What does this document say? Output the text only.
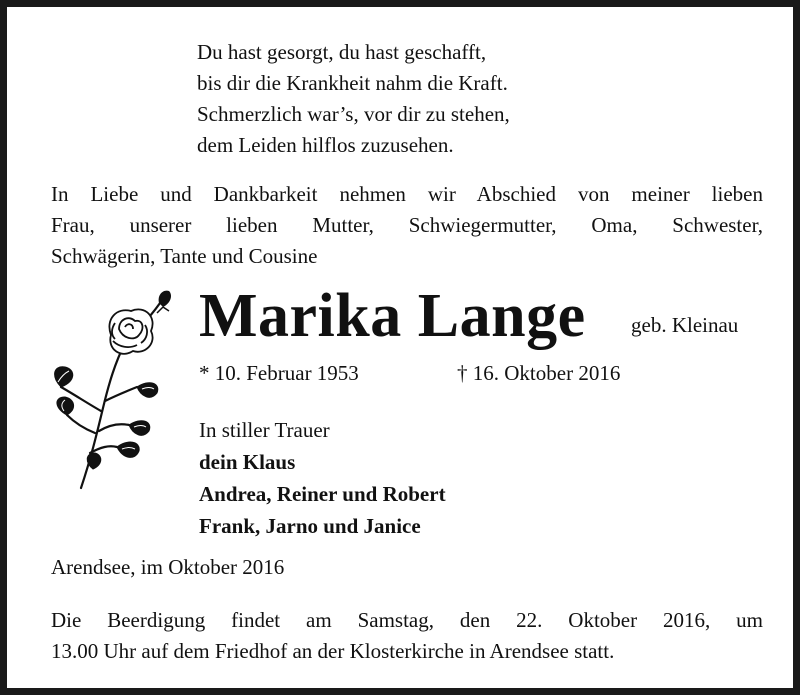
Du hast gesorgt, du hast geschafft,
bis dir die Krankheit nahm die Kraft.
Schmerzlich war’s, vor dir zu stehen,
dem Leiden hilflos zuzusehen.
In Liebe und Dankbarkeit nehmen wir Abschied von meiner lieben
Frau, unserer lieben Mutter, Schwiegermutter, Oma, Schwester,
Schwägerin, Tante und Cousine
Marika Lange geb. Kleinau
* 10. Februar 1953	† 16. Oktober 2016
In stiller Trauer
dein Klaus
Andrea, Reiner und Robert
Frank, Jarno und Janice
Arendsee, im Oktober 2016
Die Beerdigung findet am Samstag, den 22. Oktober 2016, um
13.00 Uhr auf dem Friedhof an der Klosterkirche in Arendsee statt.
